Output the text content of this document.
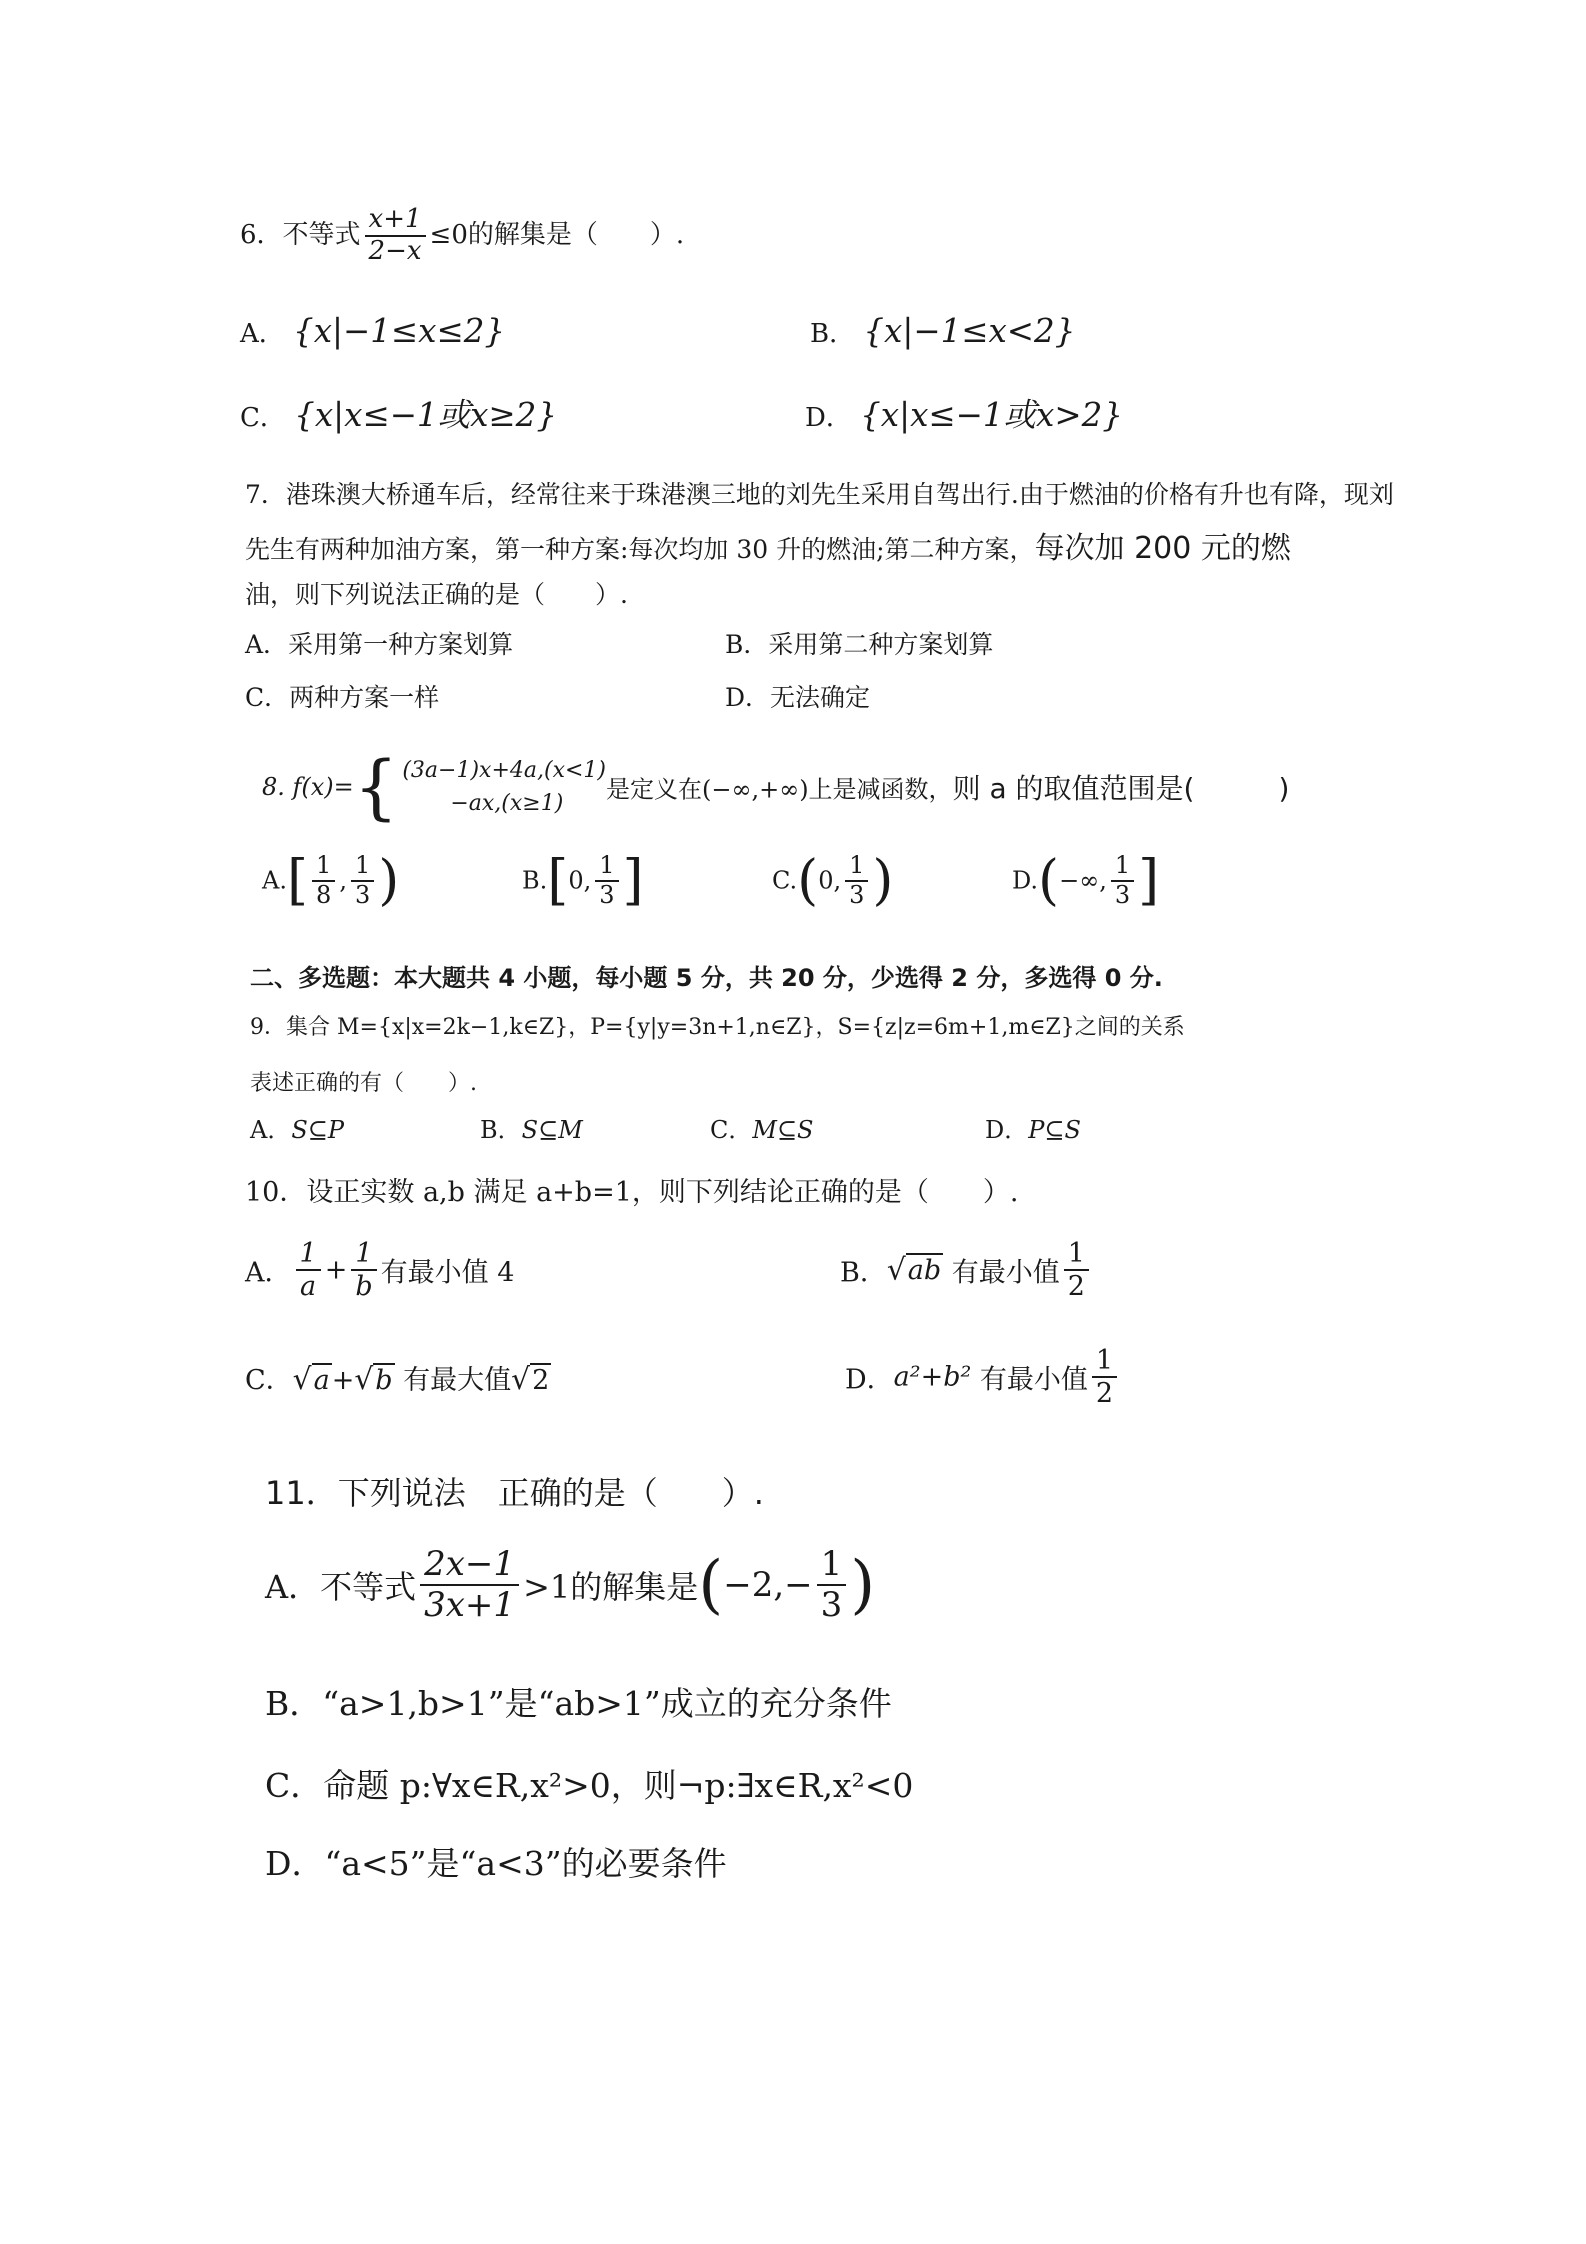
6．不等式 $\frac{x+1}{2-x} \le 0$的解集是（　　）.
A． {x|−1≤x≤2}	B． {x|−1≤x<2}
C． {x|x≤−1或x≥2}	D． {x|x≤−1或x>2}
7．港珠澳大桥通车后，经常往来于珠港澳三地的刘先生采用自驾出行.由于燃油的价格有升也有降，现刘
先生有两种加油方案，第一种方案:每次均加 30 升的燃油;第二种方案，每次加 200 元的燃
油，则下列说法正确的是（　　）.
A．采用第一种方案划算	B．采用第二种方案划算
C．两种方案一样	D．无法确定
8. f(x)= { (3a−1)x+4a,(x<1)
−ax,(x≥1)	是定义在(−∞,+∞)上是减函数，则 a 的取值范围是(　　　)
$A.[ \frac{1}{8}$ , $\frac{1}{3}$ )	B.[0, $\frac{1}{3}$ ]	C.(0, $\frac{1}{3}$ )	D.(−∞, $\frac{1}{3}$ ]
二、多选题：本大题共 4 小题，每小题 5 分，共 20 分，少选得 2 分，多选得 0 分.
9．集合 M={x|x=2k−1,k∈Z}，P={y|y=3n+1,n∈Z}，S={z|z=6m+1,m∈Z}之间的关系
表述正确的有（　　）.
A．S⊆P	B．S⊆M	C．M⊆S	D．P⊆S
10．设正实数 a,b 满足 a+b=1，则下列结论正确的是（　　）.
A． $\frac{1}{a} + \frac{1}{b}$ 有最小值 4	B．√ab 有最小值 $\frac{1}{2}$
C．√a+√b 有最大值√2	D．a²+b² 有最小值 $\frac{1}{2}$
11．下列说法　正确的是（　　）.
A．不等式 $\frac{2x-1}{3x+1} >1$的解集是($-2,- \frac{1}{3}$ )
B．“a>1,b>1”是“ab>1”成立的充分条件
C．命题 p:∀x∈R,x²>0，则¬p:∃x∈R,x²<0
D．“a<5”是“a<3”的必要条件
